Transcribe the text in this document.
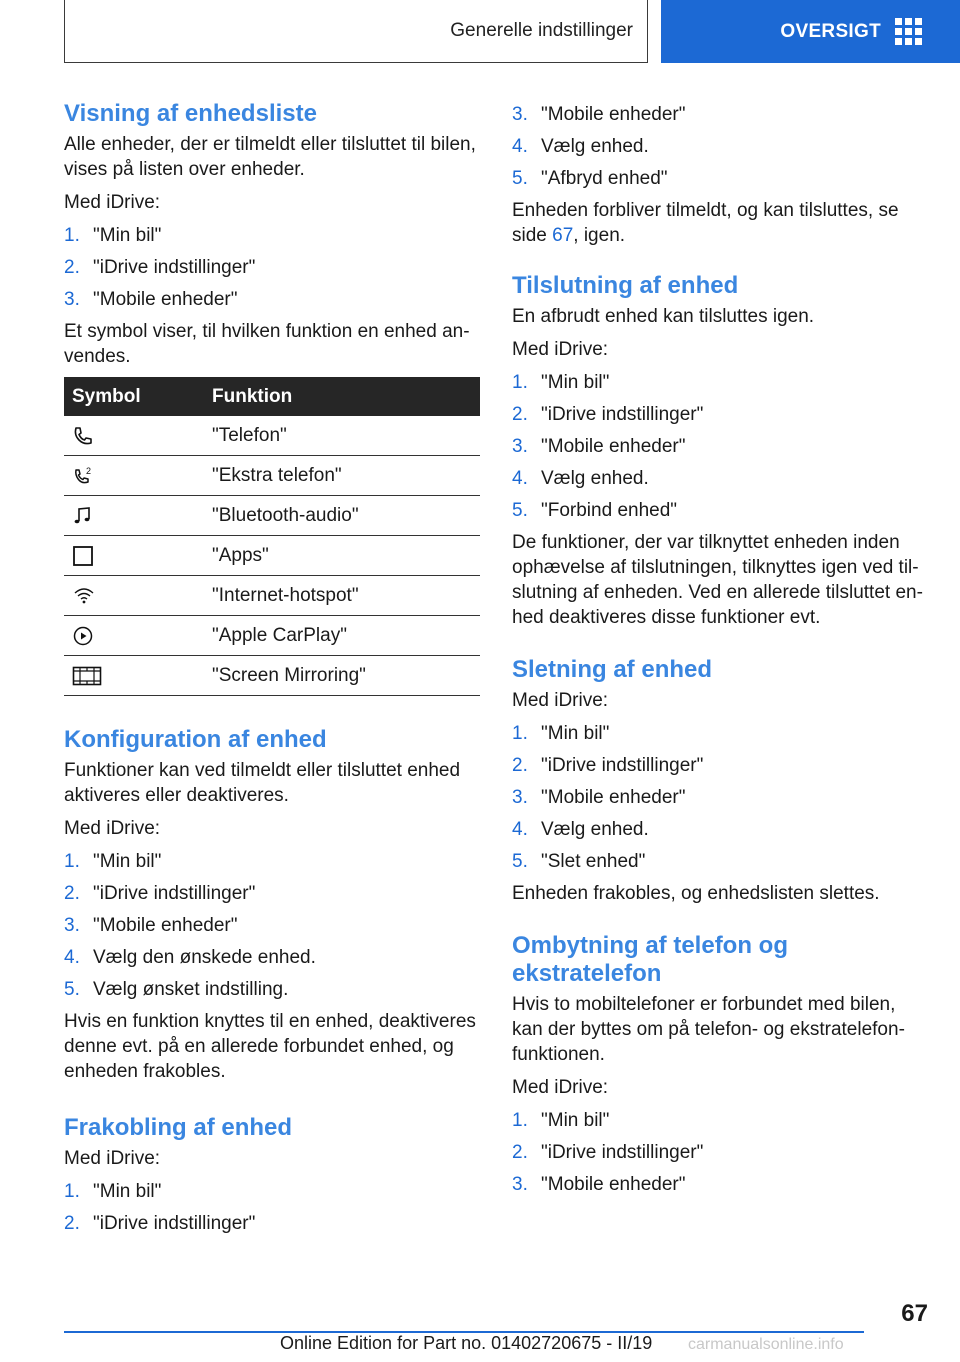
Generelle indstillinger	OVERSIGT
Visning af enhedsliste

Alle enheder, der er tilmeldt eller tilsluttet til bilen, vises på listen over enheder.

Med iDrive:

1. "Min bil"
2. "iDrive indstillinger"
3. "Mobile enheder"

Et symbol viser, til hvilken funktion en enhed anvendes.

Symbol	Funktion

	"Telefon"

2	"Ekstra telefon"

	"Bluetooth-audio"

	"Apps"

	"Internet-hotspot"

	"Apple CarPlay"

	"Screen Mirroring"
Konfiguration af enhed

Funktioner kan ved tilmeldt eller tilsluttet enhed aktiveres eller deaktiveres.

Med iDrive:

1. "Min bil"
2. "iDrive indstillinger"
3. "Mobile enheder"
4. Vælg den ønskede enhed.
5. Vælg ønsket indstilling.

Hvis en funktion knyttes til en enhed, deaktiveres denne evt. på en allerede forbundet enhed, og enheden frakobles.

Frakobling af enhed

Med iDrive:

1. "Min bil"
2. "iDrive indstillinger"
3. "Mobile enheder"
4. Vælg enhed.
5. "Afbryd enhed"

Enheden forbliver tilmeldt, og kan tilsluttes, se side 67, igen.

Tilslutning af enhed

En afbrudt enhed kan tilsluttes igen.

Med iDrive:

1. "Min bil"
2. "iDrive indstillinger"
3. "Mobile enheder"
4. Vælg enhed.
5. "Forbind enhed"

De funktioner, der var tilknyttet enheden inden ophævelse af tilslutningen, tilknyttes igen ved tilslutning af enheden. Ved en allerede tilsluttet enhed deaktiveres disse funktioner evt.

Sletning af enhed

Med iDrive:

1. "Min bil"
2. "iDrive indstillinger"
3. "Mobile enheder"
4. Vælg enhed.
5. "Slet enhed"

Enheden frakobles, og enhedslisten slettes.

Ombytning af telefon og ekstratelefon

Hvis to mobiltelefoner er forbundet med bilen, kan der byttes om på telefon- og ekstratelefonfunktionen.

Med iDrive:

1. "Min bil"
2. "iDrive indstillinger"
3. "Mobile enheder"
67
Online Edition for Part no. 01402720675 - II/19 carmanualsonline.info
